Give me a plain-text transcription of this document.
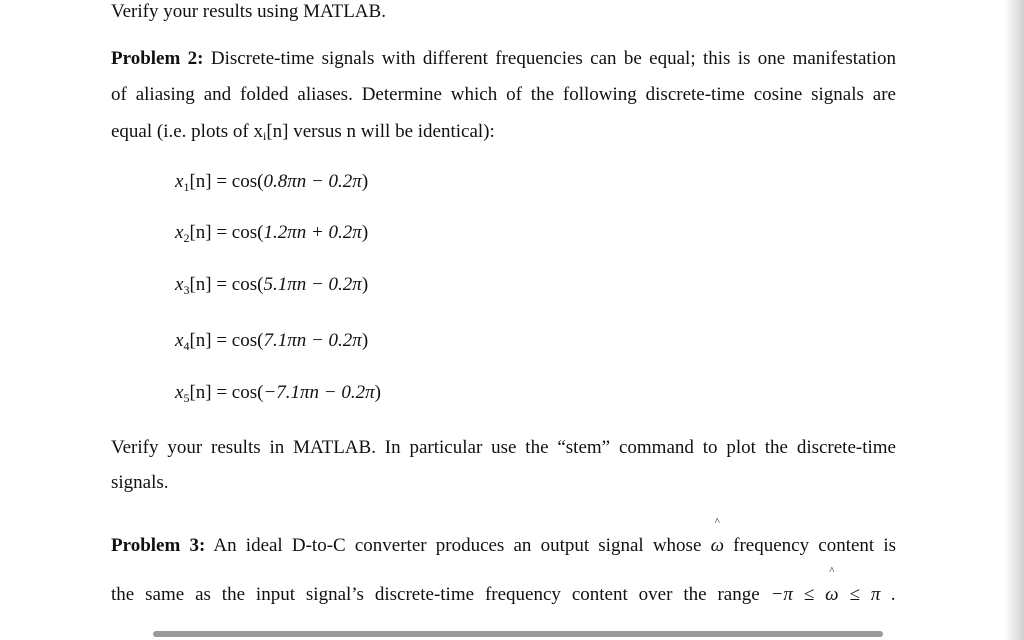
Verify your results using MATLAB.
Problem 2: Discrete-time signals with different frequencies can be equal; this is one manifestation
of aliasing and folded aliases. Determine which of the following discrete-time cosine signals are
equal (i.e. plots of $x_i[n]$ versus n will be identical):
$x_1[n] = \cos(0.8\pi n - 0.2\pi)$
$x_2[n] = \cos(1.2\pi n + 0.2\pi)$
$x_3[n] = \cos(5.1\pi n - 0.2\pi)$
$x_4[n] = \cos(7.1\pi n - 0.2\pi)$
$x_5[n] = \cos(-7.1\pi n - 0.2\pi)$
Verify your results in MATLAB. In particular use the “stem” command to plot the discrete-time
signals.
Problem 3: An ideal D-to-C converter produces an output signal whose
^
ω frequency content is
the same as the input signal’s discrete-time frequency content over the range −π ≤
^
ω ≤ π .
